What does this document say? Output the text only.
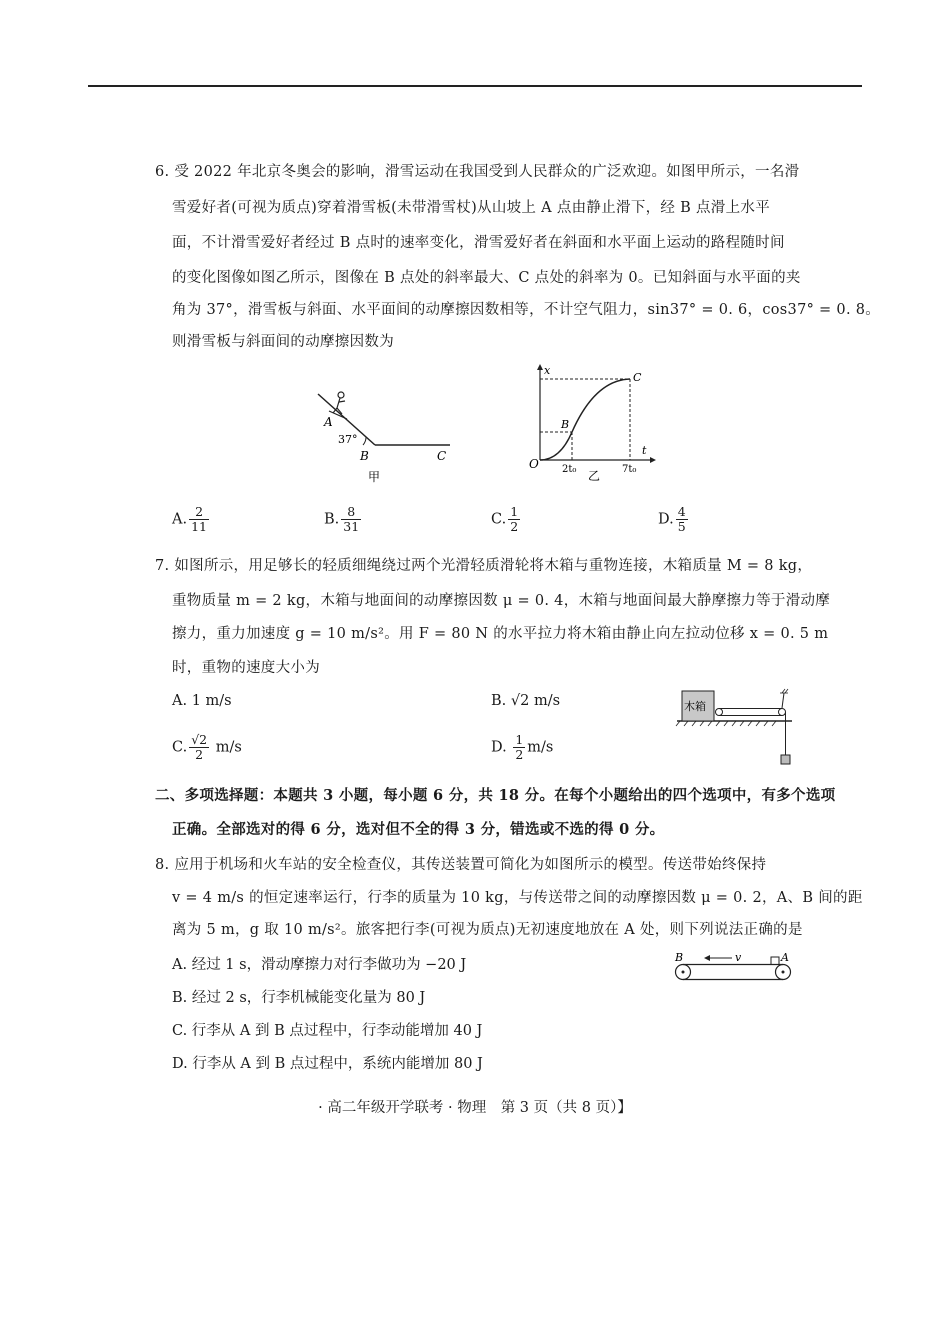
6. 受 2022 年北京冬奥会的影响，滑雪运动在我国受到人民群众的广泛欢迎。如图甲所示，一名滑
雪爱好者(可视为质点)穿着滑雪板(未带滑雪杖)从山坡上 A 点由静止滑下，经 B 点滑上水平
面，不计滑雪爱好者经过 B 点时的速率变化，滑雪爱好者在斜面和水平面上运动的路程随时间
的变化图像如图乙所示，图像在 B 点处的斜率最大、C 点处的斜率为 0。已知斜面与水平面的夹
角为 37°，滑雪板与斜面、水平面间的动摩擦因数相等，不计空气阻力，sin37° = 0. 6，cos37° = 0. 8。
则滑雪板与斜面间的动摩擦因数为
A
37°
B	C
甲
x
t
O
B
C
2t₀	7t₀
乙
A. $\frac{2}{11}$	B. $\frac{8}{31}$	C. $\frac{1}{2}$	D. $\frac{4}{5}$
7. 如图所示，用足够长的轻质细绳绕过两个光滑轻质滑轮将木箱与重物连接，木箱质量 M = 8 kg，
重物质量 m = 2 kg，木箱与地面间的动摩擦因数 μ = 0. 4，木箱与地面间最大静摩擦力等于滑动摩
擦力，重力加速度 g = 10 m/s²。用 F = 80 N 的水平拉力将木箱由静止向左拉动位移 x = 0. 5 m
时，重物的速度大小为
A. 1 m/s	B. √2 m/s
C. $\frac{√2}{2} m/s$	D. $\frac{1}{2} m/s$
木箱
二、多项选择题：本题共 3 小题，每小题 6 分，共 18 分。在每个小题给出的四个选项中，有多个选项
正确。全部选对的得 6 分，选对但不全的得 3 分，错选或不选的得 0 分。
8. 应用于机场和火车站的安全检查仪，其传送装置可简化为如图所示的模型。传送带始终保持
v = 4 m/s 的恒定速率运行，行李的质量为 10 kg，与传送带之间的动摩擦因数 μ = 0. 2，A、B 间的距
离为 5 m，g 取 10 m/s²。旅客把行李(可视为质点)无初速度地放在 A 处，则下列说法正确的是
A. 经过 1 s，滑动摩擦力对行李做功为 −20 J
B. 经过 2 s，行李机械能变化量为 80 J
C. 行李从 A 到 B 点过程中，行李动能增加 40 J
D. 行李从 A 到 B 点过程中，系统内能增加 80 J
B	v	A
· 高二年级开学联考 · 物理　第 3 页（共 8 页）】
